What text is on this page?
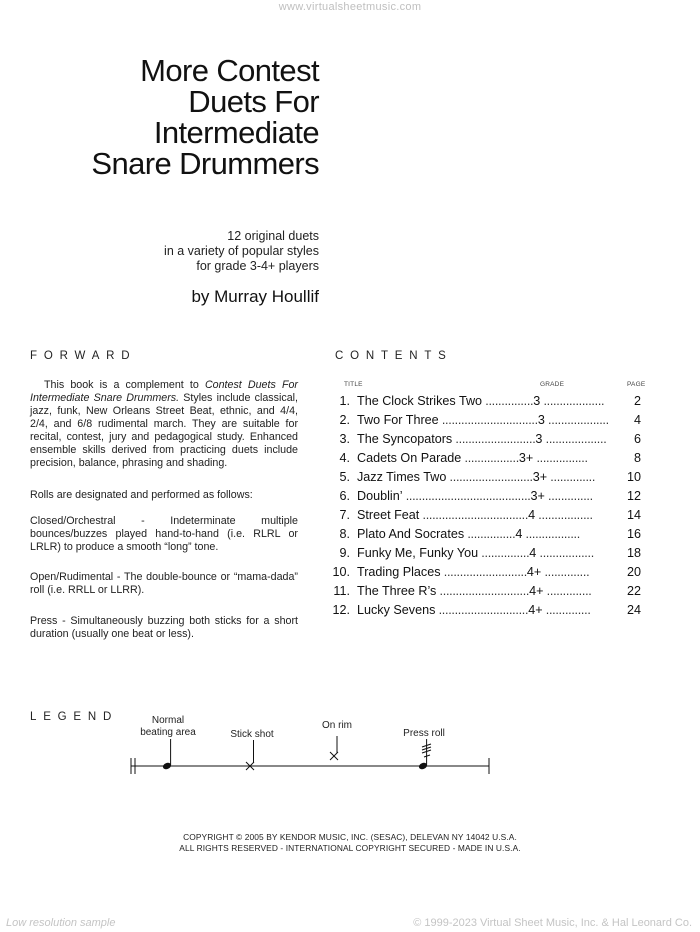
www.virtualsheetmusic.com
More Contest
Duets For
Intermediate
Snare Drummers
12 original duets
in a variety of popular styles
for grade 3-4+ players
by Murray Houllif
FORWARD
This book is a complement to Contest Duets For Intermediate Snare Drummers. Styles include classical, jazz, funk, New Orleans Street Beat, ethnic, and 4/4, 2/4, and 6/8 rudimental march. They are suitable for recital, contest, jury and pedagogical study. Enhanced ensemble skills derived from practicing duets include precision, balance, phrasing and shading.
Rolls are designated and performed as follows:
Closed/Orchestral - Indeterminate multiple bounces/buzzes played hand-to-hand (i.e. RLRL or LRLR) to produce a smooth “long” tone.
Open/Rudimental - The double-bounce or “mama-dada” roll (i.e. RRLL or LLRR).
Press - Simultaneously buzzing both sticks for a short duration (usually one beat or less).
CONTENTS
TITLE	GRADE	PAGE
1. The Clock Strikes Two ...............3 ................... 2
2. Two For Three ..............................3 ................... 4
3. The Syncopators .........................3 ................... 6
4. Cadets On Parade .................3+ ................	8
5. Jazz Times Two ..........................3+ ..............	10
6. Doublin’ .......................................3+ ..............	12
7. Street Feat .................................4 .................	14
8. Plato And Socrates ...............4 .................	16
9. Funky Me, Funky You ...............4 .................	18
10. Trading Places ..........................4+ ..............	20
11. The Three R’s ............................4+ ..............	22
12. Lucky Sevens ............................4+ ..............	24
LEGEND	Normal
beating area	Stick shot
On rim
Press roll
COPYRIGHT © 2005 BY KENDOR MUSIC, INC. (SESAC), DELEVAN NY 14042 U.S.A.
ALL RIGHTS RESERVED - INTERNATIONAL COPYRIGHT SECURED - MADE IN U.S.A.
Low resolution sample	© 1999-2023 Virtual Sheet Music, Inc. & Hal Leonard Co.
